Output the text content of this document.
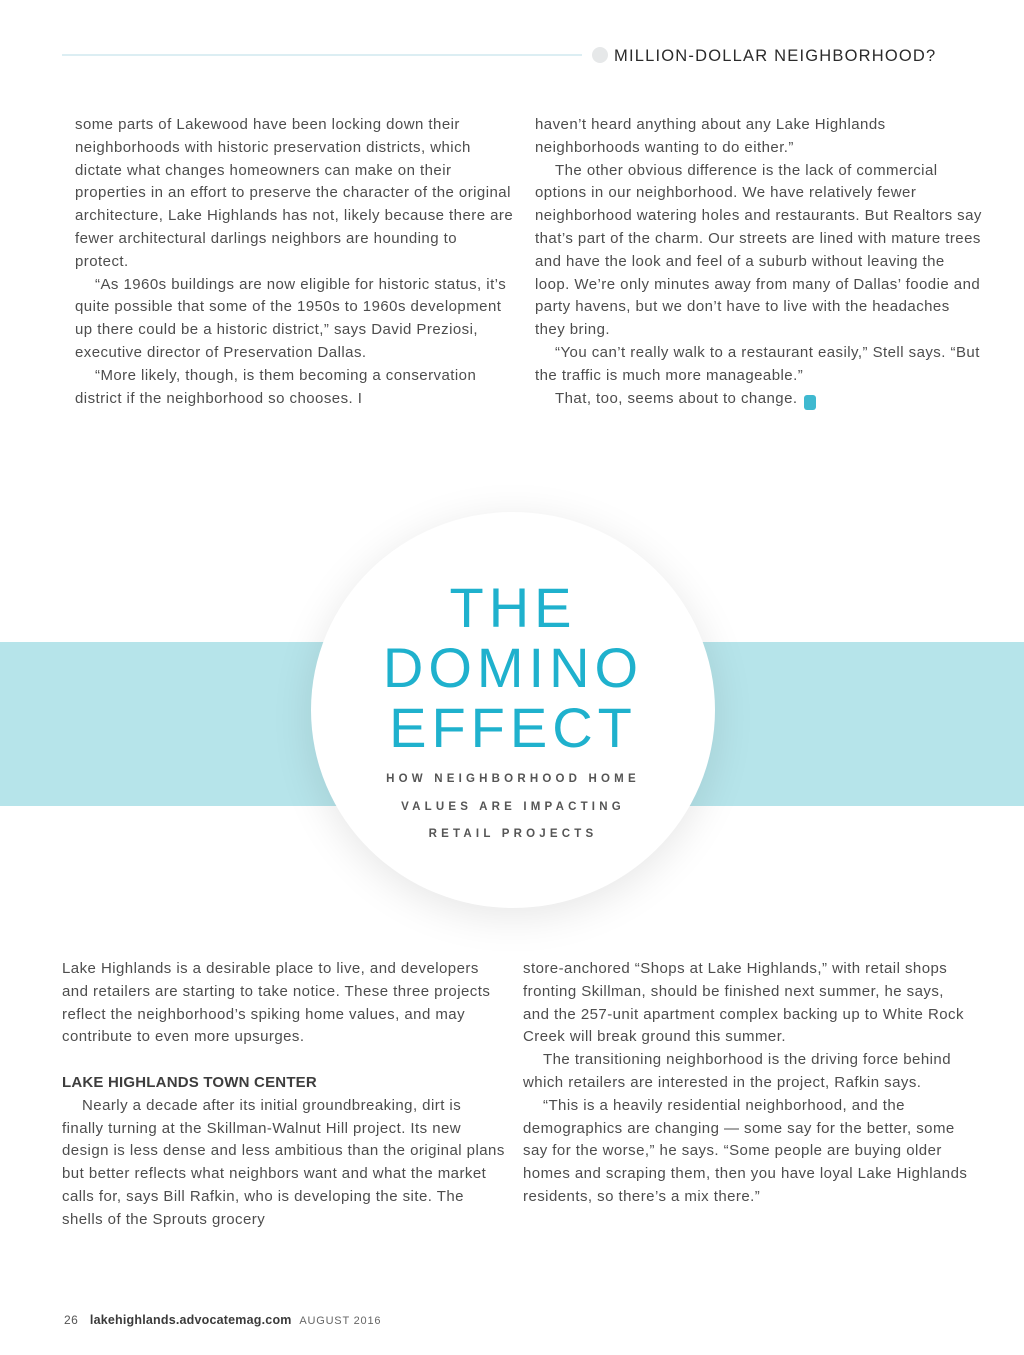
MILLION-DOLLAR NEIGHBORHOOD?

some parts of Lakewood have been locking down their neighborhoods with historic preservation districts, which dictate what changes homeowners can make on their properties in an effort to preserve the character of the original architecture, Lake Highlands has not, likely because there are fewer architectural darlings neighbors are hounding to protect.

“As 1960s buildings are now eligible for historic status, it’s quite possible that some of the 1950s to 1960s development up there could be a historic district,” says David Preziosi, executive director of Preservation Dallas.

“More likely, though, is them becoming a conservation district if the neighborhood so chooses. I

haven’t heard anything about any Lake Highlands neighborhoods wanting to do either.”

The other obvious difference is the lack of commercial options in our neighborhood. We have relatively fewer neighborhood watering holes and restaurants. But Realtors say that’s part of the charm. Our streets are lined with mature trees and have the look and feel of a suburb without leaving the loop. We’re only minutes away from many of Dallas’ foodie and party havens, but we don’t have to live with the headaches they bring.

“You can’t really walk to a restaurant easily,” Stell says. “But the traffic is much more manageable.”

That, too, seems about to change. a

THE
DOMINO
EFFECT
HOW NEIGHBORHOOD HOME
VALUES ARE IMPACTING
RETAIL PROJECTS

Lake Highlands is a desirable place to live, and developers and retailers are starting to take notice. These three projects reflect the neighborhood’s spiking home values, and may contribute to even more upsurges.

LAKE HIGHLANDS TOWN CENTER

Nearly a decade after its initial groundbreaking, dirt is finally turning at the Skillman-Walnut Hill project. Its new design is less dense and less ambitious than the original plans but better reflects what neighbors want and what the market calls for, says Bill Rafkin, who is developing the site. The shells of the Sprouts grocery

store-anchored “Shops at Lake Highlands,” with retail shops fronting Skillman, should be finished next summer, he says, and the 257-unit apartment complex backing up to White Rock Creek will break ground this summer.

The transitioning neighborhood is the driving force behind which retailers are interested in the project, Rafkin says.

“This is a heavily residential neighborhood, and the demographics are changing — some say for the better, some say for the worse,” he says. “Some people are buying older homes and scraping them, then you have loyal Lake Highlands residents, so there’s a mix there.”

26 lakehighlands.advocatemag.com AUGUST 2016
